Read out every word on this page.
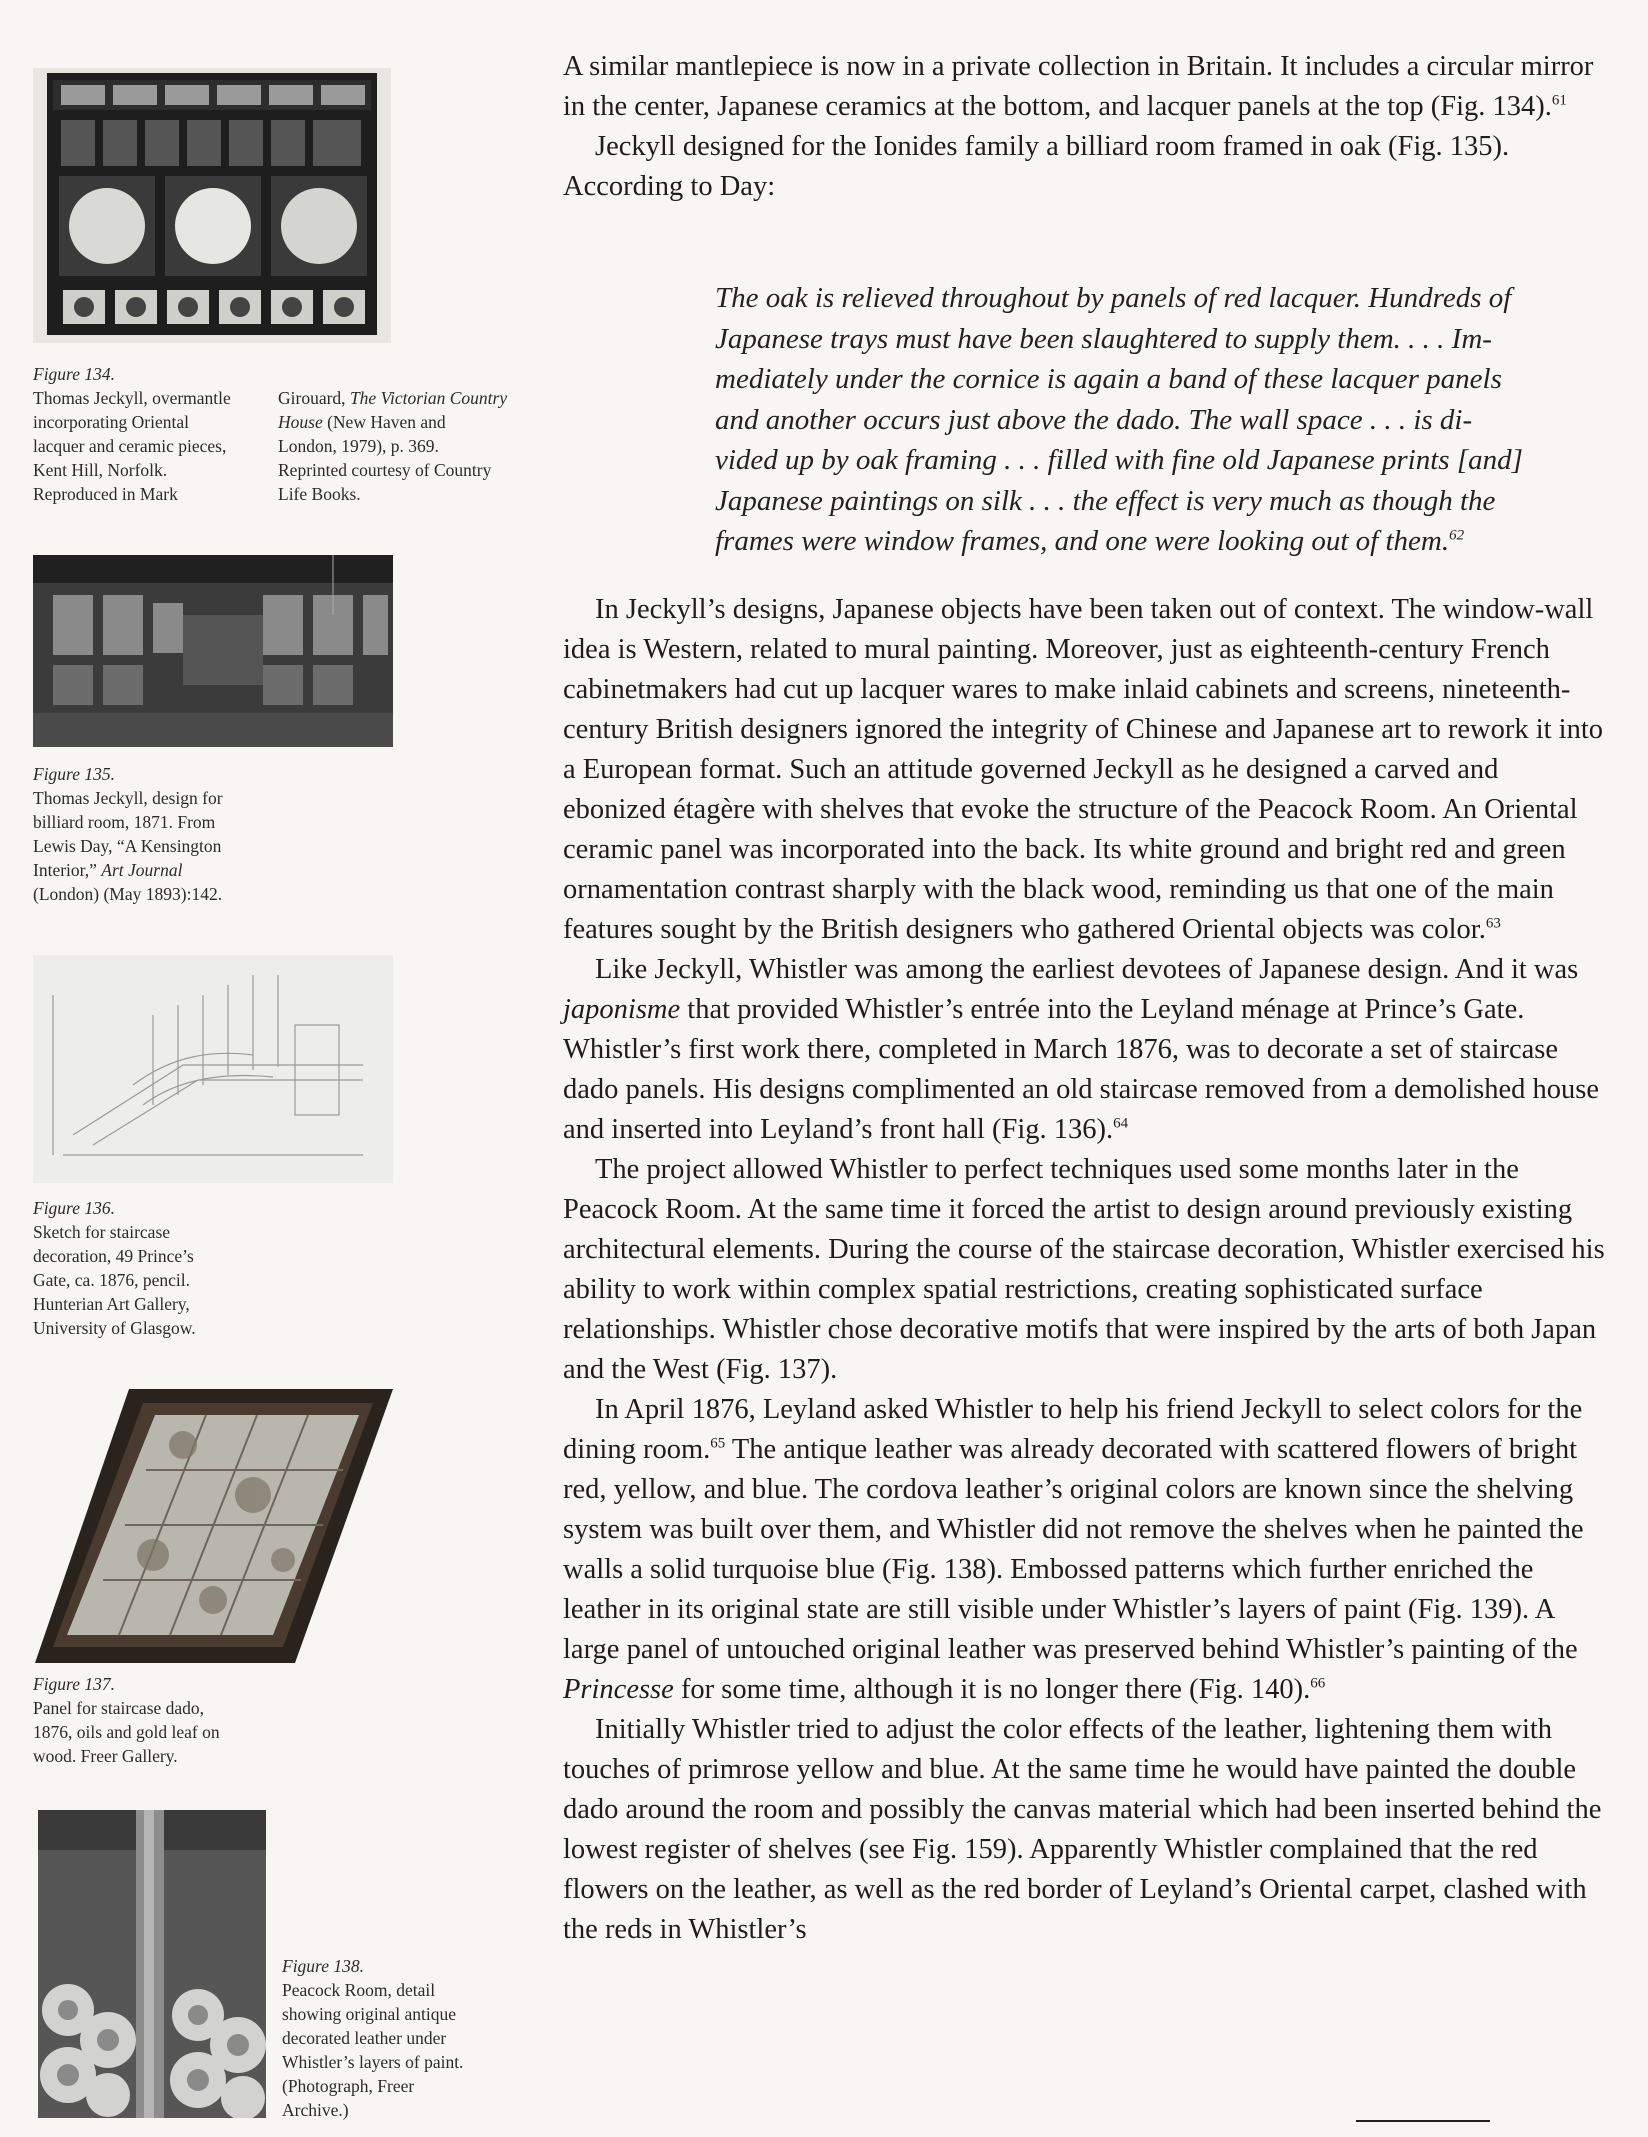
Figure 134.
Thomas Jeckyll, overmantle
incorporating Oriental
lacquer and ceramic pieces,
Kent Hill, Norfolk.
Reproduced in Mark
Girouard, The Victorian Country House (New Haven and London, 1979), p. 369. Reprinted courtesy of Country Life Books.
Figure 135.
Thomas Jeckyll, design for
billiard room, 1871. From
Lewis Day, “A Kensington
Interior,” Art Journal
(London) (May 1893):142.
Figure 136.
Sketch for staircase
decoration, 49 Prince’s
Gate, ca. 1876, pencil.
Hunterian Art Gallery,
University of Glasgow.
Figure 137.
Panel for staircase dado,
1876, oils and gold leaf on
wood. Freer Gallery.
Figure 138.
Peacock Room, detail
showing original antique
decorated leather under
Whistler’s layers of paint.
(Photograph, Freer
Archive.)

A similar mantlepiece is now in a private collection in Britain. It includes a circular mirror in the center, Japanese ceramics at the bottom, and lacquer panels at the top (Fig. 134).$^{61}$

Jeckyll designed for the Ionides family a billiard room framed in oak (Fig. 135). According to Day:

The oak is relieved throughout by panels of red lacquer. Hundreds of
Japanese trays must have been slaughtered to supply them. . . . Im-
mediately under the cornice is again a band of these lacquer panels
and another occurs just above the dado. The wall space . . . is di-
vided up by oak framing . . . filled with fine old Japanese prints [and]
Japanese paintings on silk . . . the effect is very much as though the
frames were window frames, and one were looking out of them.$^{62}$

In Jeckyll’s designs, Japanese objects have been taken out of context. The window-wall idea is Western, related to mural painting. Moreover, just as eighteenth-century French cabinetmakers had cut up lacquer wares to make inlaid cabinets and screens, nineteenth-century British designers ignored the integrity of Chinese and Japanese art to rework it into a European format. Such an attitude governed Jeckyll as he designed a carved and ebonized étagère with shelves that evoke the structure of the Peacock Room. An Oriental ceramic panel was incorporated into the back. Its white ground and bright red and green ornamentation contrast sharply with the black wood, reminding us that one of the main features sought by the British designers who gathered Oriental objects was color.$^{63}$

Like Jeckyll, Whistler was among the earliest devotees of Japanese design. And it was japonisme that provided Whistler’s entrée into the Leyland ménage at Prince’s Gate. Whistler’s first work there, completed in March 1876, was to decorate a set of staircase dado panels. His designs complimented an old staircase removed from a demolished house and inserted into Leyland’s front hall (Fig. 136).$^{64}$

The project allowed Whistler to perfect techniques used some months later in the Peacock Room. At the same time it forced the artist to design around previously existing architectural elements. During the course of the staircase decoration, Whistler exercised his ability to work within complex spatial restrictions, creating sophisticated surface relationships. Whistler chose decorative motifs that were inspired by the arts of both Japan and the West (Fig. 137).

In April 1876, Leyland asked Whistler to help his friend Jeckyll to select colors for the dining room.$^{65}$ The antique leather was already decorated with scattered flowers of bright red, yellow, and blue. The cordova leather’s original colors are known since the shelving system was built over them, and Whistler did not remove the shelves when he painted the walls a solid turquoise blue (Fig. 138). Embossed patterns which further enriched the leather in its original state are still visible under Whistler’s layers of paint (Fig. 139). A large panel of untouched original leather was preserved behind Whistler’s painting of the Princesse for some time, although it is no longer there (Fig. 140).$^{66}$

Initially Whistler tried to adjust the color effects of the leather, lightening them with touches of primrose yellow and blue. At the same time he would have painted the double dado around the room and possibly the canvas material which had been inserted behind the lowest register of shelves (see Fig. 159). Apparently Whistler complained that the red flowers on the leather, as well as the red border of Leyland’s Oriental carpet, clashed with the reds in Whistler’s
